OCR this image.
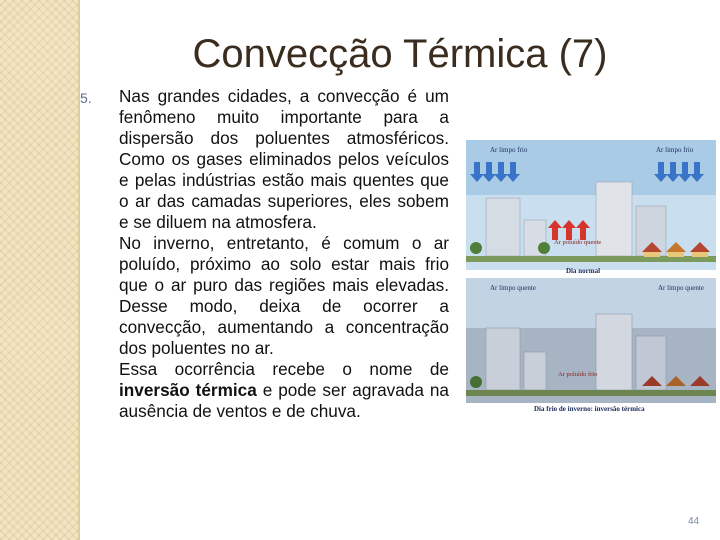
Convecção Térmica (7)
5. Nas grandes cidades, a convecção é um fenômeno muito importante para a dispersão dos poluentes atmosféricos. Como os gases eliminados pelos veículos e pelas indústrias estão mais quentes que o ar das camadas superiores, eles sobem e se diluem na atmosfera.

No inverno, entretanto, é comum o ar poluído, próximo ao solo estar mais frio que o ar puro das regiões mais elevadas. Desse modo, deixa de ocorrer a convecção, aumentando a concentração dos poluentes no ar.

Essa ocorrência recebe o nome de inversão térmica e pode ser agravada na ausência de ventos e de chuva.

Ar limpo frio	Ar limpo frio
Ar poluído quente
Dia normal
Ar limpo quente	Ar limpo quente
Ar poluído frio
Dia frio de inverno: inversão térmica
44
